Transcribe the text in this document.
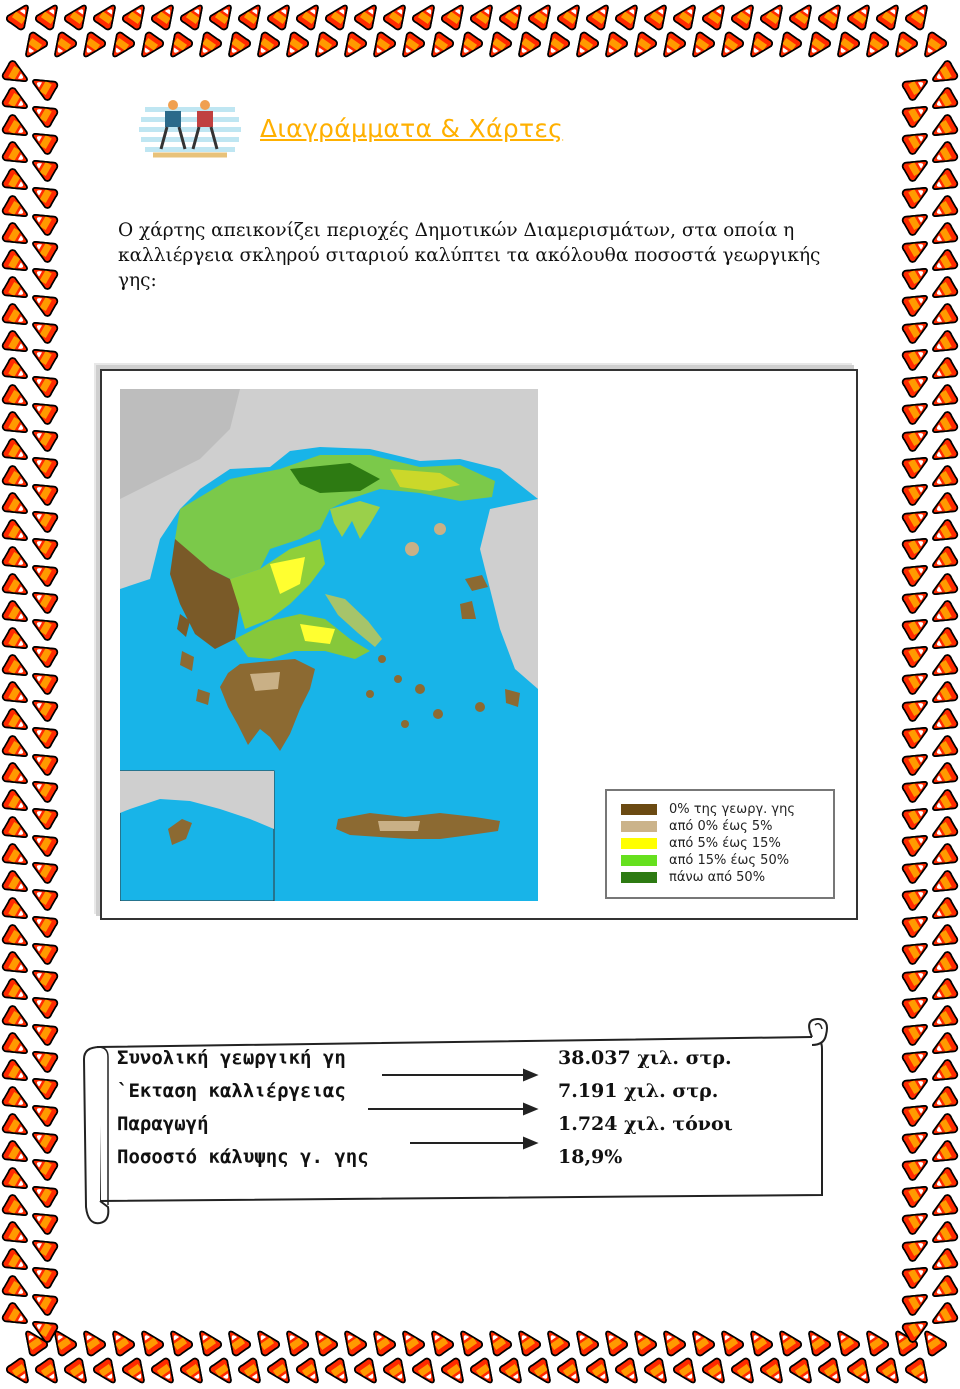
Διαγράμματα & Χάρτες

Ο χάρτης απεικονίζει περιοχές Δημοτικών Διαμερισμάτων, στα οποία η καλλιέργεια σκληρού σιταριού καλύπτει τα ακόλουθα ποσοστά γεωργικής γης:

0% της γεωργ. γης
από 0% έως 5%
από 5% έως 15%
από 15% έως 50%
πάνω από 50%
Συνολική γεωργική γη	38.037 χιλ. στρ.
`Εκταση καλλιέργειας	7.191 χιλ. στρ.
Παραγωγή	1.724 χιλ. τόνοι
Ποσοστό κάλυψης γ. γης	18,9%
